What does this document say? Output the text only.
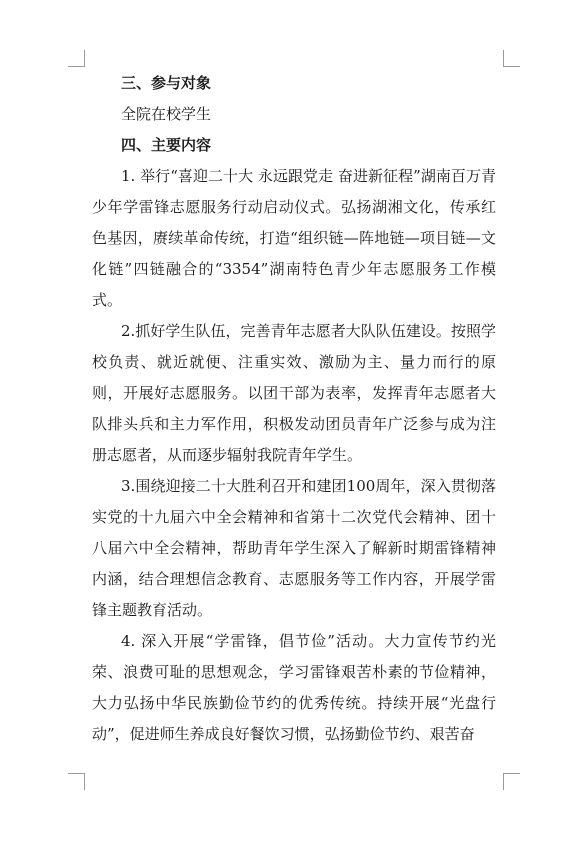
三、参与对象

全院在校学生

四、主要内容

1. 举行“喜迎二十大 永远跟党走 奋进新征程”湖南百万青少年学雷锋志愿服务行动启动仪式。弘扬湖湘文化，传承红色基因，赓续革命传统，打造“组织链—阵地链—项目链—文化链”四链融合的“3354”湖南特色青少年志愿服务工作模式。

2.抓好学生队伍，完善青年志愿者大队队伍建设。按照学校负责、就近就便、注重实效、激励为主、量力而行的原则，开展好志愿服务。以团干部为表率，发挥青年志愿者大队排头兵和主力军作用，积极发动团员青年广泛参与成为注册志愿者，从而逐步辐射我院青年学生。

3.围绕迎接二十大胜利召开和建团100周年，深入贯彻落实党的十九届六中全会精神和省第十二次党代会精神、团十八届六中全会精神，帮助青年学生深入了解新时期雷锋精神内涵，结合理想信念教育、志愿服务等工作内容，开展学雷锋主题教育活动。

4. 深入开展“学雷锋，倡节俭”活动。大力宣传节约光荣、浪费可耻的思想观念，学习雷锋艰苦朴素的节俭精神，大力弘扬中华民族勤俭节约的优秀传统。持续开展“光盘行动”，促进师生养成良好餐饮习惯，弘扬勤俭节约、艰苦奋
